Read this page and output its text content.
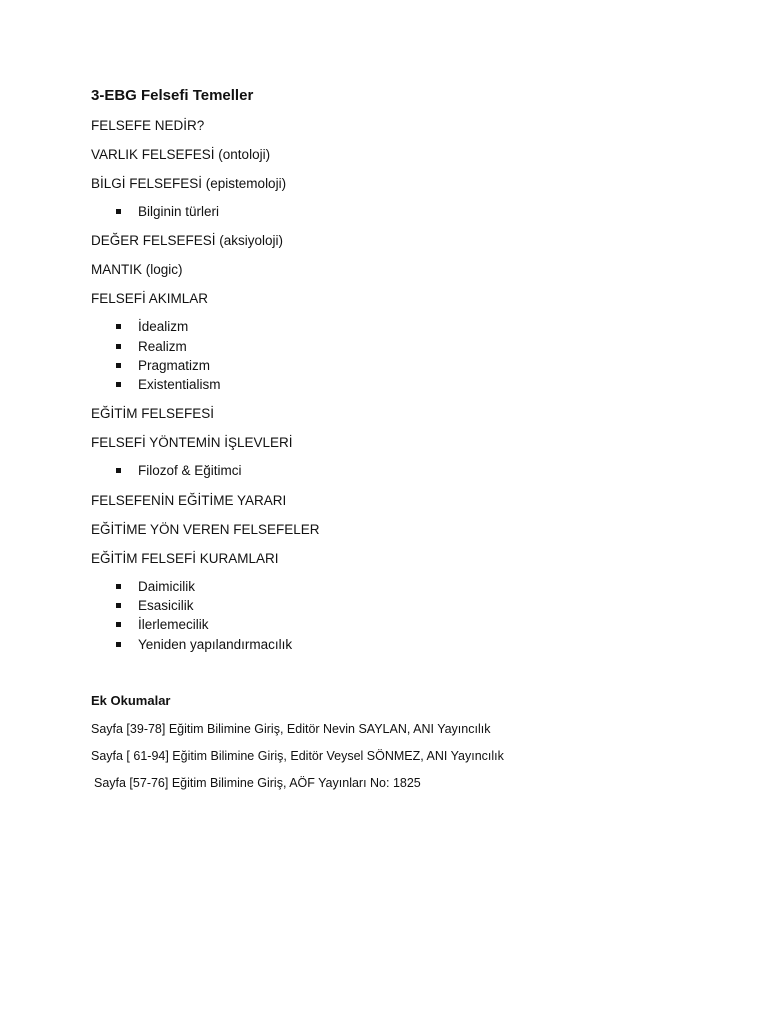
3-EBG Felsefi Temeller
FELSEFE NEDİR?
VARLIK FELSEFESİ (ontoloji)
BİLGİ FELSEFESİ (epistemoloji)
Bilginin türleri
DEĞER FELSEFESİ (aksiyoloji)
MANTIK (logic)
FELSEFİ AKIMLAR
İdealizm
Realizm
Pragmatizm
Existentialism
EĞİTİM FELSEFESİ
FELSEFİ YÖNTEMİN İŞLEVLERİ
Filozof & Eğitimci
FELSEFENİN EĞİTİME YARARI
EĞİTİME YÖN VEREN FELSEFELER
EĞİTİM FELSEFİ KURAMLARI
Daimicilik
Esasicilik
İlerlemecilik
Yeniden yapılandırmacılık
Ek Okumalar
Sayfa [39-78] Eğitim Bilimine Giriş, Editör Nevin SAYLAN, ANI Yayıncılık
Sayfa [ 61-94] Eğitim Bilimine Giriş, Editör Veysel SÖNMEZ, ANI Yayıncılık
Sayfa [57-76] Eğitim Bilimine Giriş, AÖF Yayınları No: 1825
